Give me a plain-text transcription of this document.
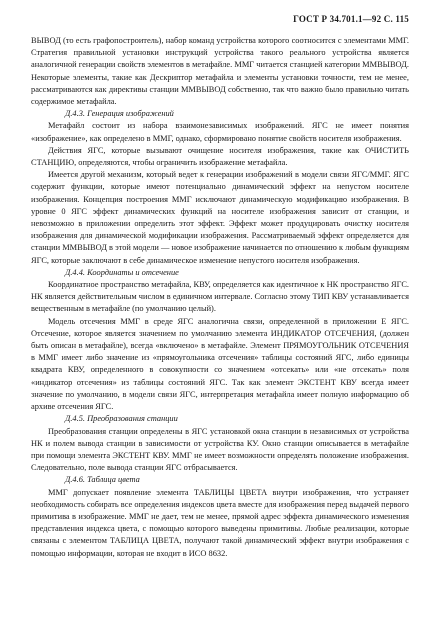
ГОСТ Р 34.701.1—92 С. 115

ВЫВОД (то есть графопостроитель), набор команд устройства которого соотносится с элементами ММГ. Стратегия правильной установки инструкций устройства такого реального устройства является аналогичной генерации свойств элементов в метафайле. ММГ читается станцией категории ММВЫВОД. Некоторые элементы, такие как Дескриптор метафайла и элементы установки точности, тем не менее, рассматриваются как директивы станции ММВЫВОД собственно, так что важно было правильно читать содержимое метафайла.

Д.4.3. Генерация изображений

Метафайл состоит из набора взаимонезависимых изображений. ЯГС не имеет понятия «изображение», как определено в ММГ, однако, сформировано понятие свойств носителя изображения.

Действия ЯГС, которые вызывают очищение носителя изображения, такие как ОЧИСТИТЬ СТАНЦИЮ, определяются, чтобы ограничить изображение метафайла.

Имеется другой механизм, который ведет к генерации изображений в модели связи ЯГС/ММГ. ЯГС содержит функции, которые имеют потенциально динамический эффект на непустом носителе изображения. Концепция построения ММГ исключают динамическую модификацию изображения. В уровне 0 ЯГС эффект динамических функций на носителе изображения зависит от станции, и невозможно в приложении определить этот эффект. Эффект может продуцировать очистку носителя изображения для динамической модификации изображения. Рассматриваемый эффект определяется для станции ММВЫВОД в этой модели — новое изображение начинается по отношению к любым функциям ЯГС, которые заключают в себе динамическое изменение непустого носителя изображения.

Д.4.4. Координаты и отсечение

Координатное пространство метафайла, КВУ, определяется как идентичное к НК пространство ЯГС. НК является действительным числом в единичном интервале. Согласно этому ТИП КВУ устанавливается вещественным в метафайле (по умолчанию целый).

Модель отсечения ММГ в среде ЯГС аналогична связи, определенной в приложении Е ЯГС. Отсечение, которое является значением по умолчанию элемента ИНДИКАТОР ОТСЕЧЕНИЯ, (должен быть описан в метафайле), всегда «включено» в метафайле. Элемент ПРЯМОУГОЛЬНИК ОТСЕЧЕНИЯ в ММГ имеет либо значение из «прямоугольника отсечения» таблицы состояний ЯГС, либо единицы квадрата КВУ, определенного в совокупности со значением «отсекать» или «не отсекать» поля «индикатор отсечения» из таблицы состояний ЯГС. Так как элемент ЭКСТЕНТ КВУ всегда имеет значение по умолчанию, в модели связи ЯГС, интерпретация метафайла имеет полную информацию об архиве отсечения ЯГС.

Д.4.5. Преобразования станции

Преобразования станции определены в ЯГС установкой окна станции в независимых от устройства НК и полем вывода станции в зависимости от устройства КУ. Окно станции описывается в метафайле при помощи элемента ЭКСТЕНТ КВУ. ММГ не имеет возможности определять положение изображения. Следовательно, поле вывода станции ЯГС отбрасывается.

Д.4.6. Таблица цвета

ММГ допускает появление элемента ТАБЛИЦЫ ЦВЕТА внутри изображения, что устраняет необходимость собирать все определения индексов цвета вместе для изображения перед выдачей первого примитива в изображение. ММГ не дает, тем не менее, прямой адрес эффекта динамического изменения представления индекса цвета, с помощью которого выведены примитивы. Любые реализации, которые связаны с элементом ТАБЛИЦА ЦВЕТА, получают такой динамический эффект внутри изображения с помощью информации, которая не входит в ИСО 8632.
